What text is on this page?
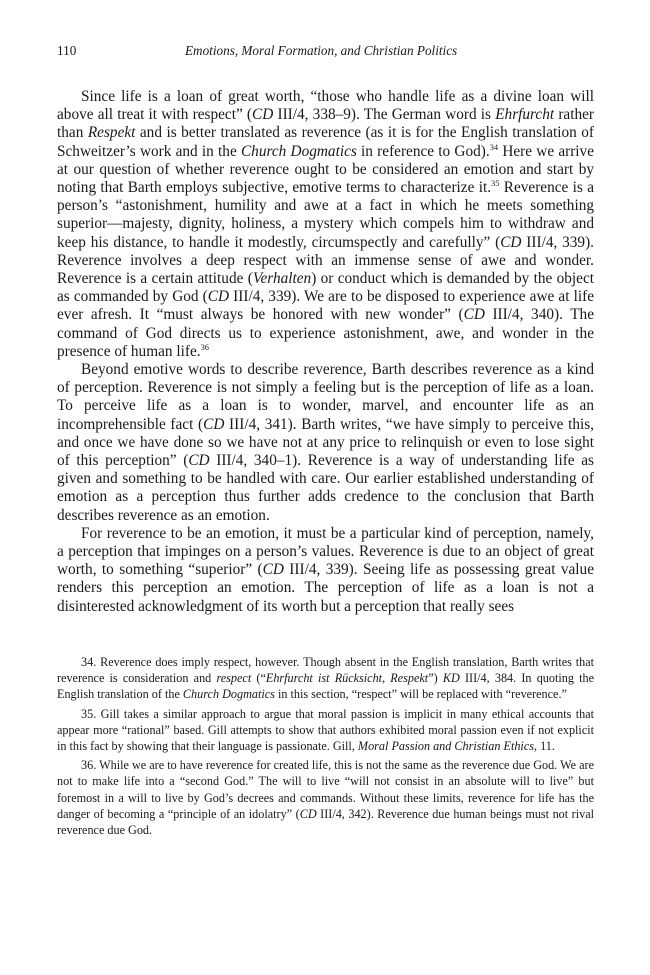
110	Emotions, Moral Formation, and Christian Politics

Since life is a loan of great worth, “those who handle life as a divine loan will above all treat it with respect” (CD III/4, 338–9). The German word is Ehrfurcht rather than Respekt and is better translated as reverence (as it is for the English translation of Schweitzer’s work and in the Church Dogmatics in reference to God).$^{34}$ Here we arrive at our question of whether reverence ought to be considered an emotion and start by noting that Barth employs subjective, emotive terms to characterize it.$^{35}$ Reverence is a person’s “astonishment, humility and awe at a fact in which he meets something superior—majesty, dignity, holiness, a mystery which compels him to withdraw and keep his distance, to handle it modestly, circumspectly and carefully” (CD III/4, 339). Reverence involves a deep respect with an immense sense of awe and wonder. Reverence is a certain attitude (Verhalten) or conduct which is demanded by the object as commanded by God (CD III/4, 339). We are to be disposed to experience awe at life ever afresh. It “must always be honored with new wonder” (CD III/4, 340). The command of God directs us to experience astonishment, awe, and wonder in the presence of human life.$^{36}$

Beyond emotive words to describe reverence, Barth describes reverence as a kind of perception. Reverence is not simply a feeling but is the perception of life as a loan. To perceive life as a loan is to wonder, marvel, and encounter life as an incomprehensible fact (CD III/4, 341). Barth writes, “we have simply to perceive this, and once we have done so we have not at any price to relinquish or even to lose sight of this perception” (CD III/4, 340–1). Reverence is a way of understanding life as given and something to be handled with care. Our earlier established understanding of emotion as a perception thus further adds credence to the conclusion that Barth describes reverence as an emotion.

For reverence to be an emotion, it must be a particular kind of perception, namely, a perception that impinges on a person’s values. Reverence is due to an object of great worth, to something “superior” (CD III/4, 339). Seeing life as possessing great value renders this perception an emotion. The perception of life as a loan is not a disinterested acknowledgment of its worth but a perception that really sees

34. Reverence does imply respect, however. Though absent in the English translation, Barth writes that reverence is consideration and respect (“Ehrfurcht ist Rücksicht, Respekt”) KD III/4, 384. In quoting the English translation of the Church Dogmatics in this section, “respect” will be replaced with “reverence.”

35. Gill takes a similar approach to argue that moral passion is implicit in many ethical accounts that appear more “rational” based. Gill attempts to show that authors exhibited moral passion even if not explicit in this fact by showing that their language is passionate. Gill, Moral Passion and Christian Ethics, 11.

36. While we are to have reverence for created life, this is not the same as the reverence due God. We are not to make life into a “second God.” The will to live “will not consist in an absolute will to live” but foremost in a will to live by God’s decrees and commands. Without these limits, reverence for life has the danger of becoming a “principle of an idolatry” (CD III/4, 342). Reverence due human beings must not rival reverence due God.
